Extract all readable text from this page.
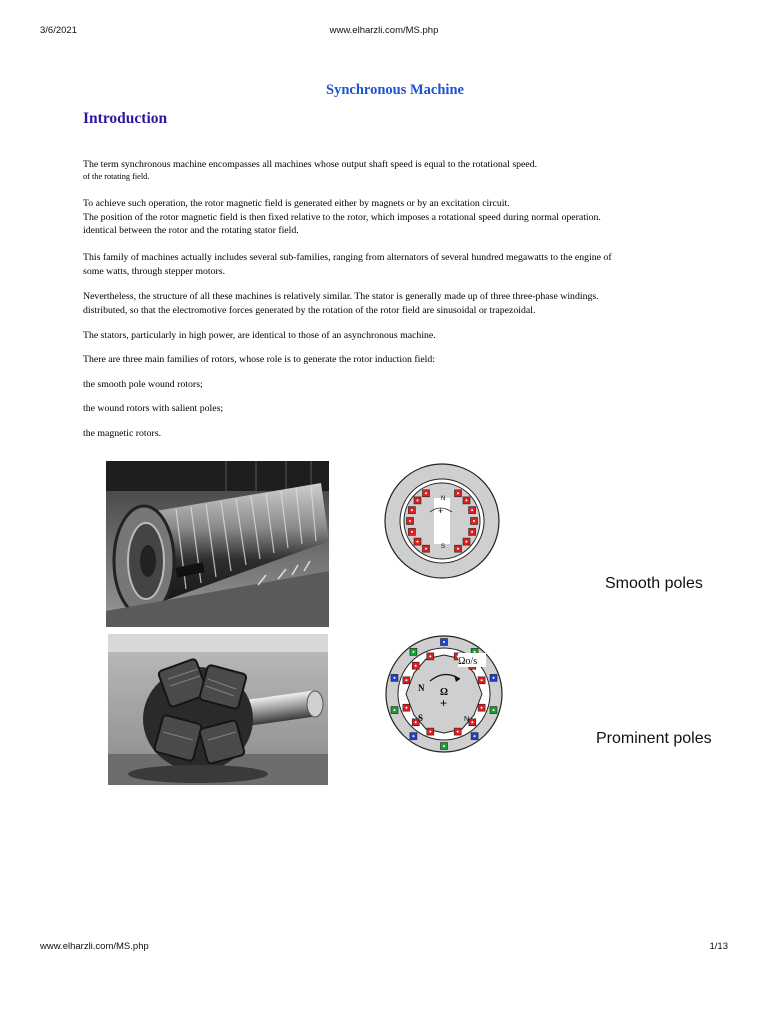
3/6/2021	www.elharzli.com/MS.php
Synchronous Machine
Introduction

The term synchronous machine encompasses all machines whose output shaft speed is equal to the rotational speed.
of the rotating field.

To achieve such operation, the rotor magnetic field is generated either by magnets or by an excitation circuit.
The position of the rotor magnetic field is then fixed relative to the rotor, which imposes a rotational speed during normal operation.
identical between the rotor and the rotating stator field.

This family of machines actually includes several sub-families, ranging from alternators of several hundred megawatts to the engine of
some watts, through stepper motors.

Nevertheless, the structure of all these machines is relatively similar. The stator is generally made up of three three-phase windings.
distributed, so that the electromotive forces generated by the rotation of the rotor field are sinusoidal or trapezoidal.

The stators, particularly in high power, are identical to those of an asynchronous machine.

There are three main families of rotors, whose role is to generate the rotor induction field:

the smooth pole wound rotors;

the wound rotors with salient poles;

the magnetic rotors.

N
S
+
Smooth poles
Ωo/s
Ω
+
N
S	N
Prominent poles
www.elharzli.com/MS.php	1/13
